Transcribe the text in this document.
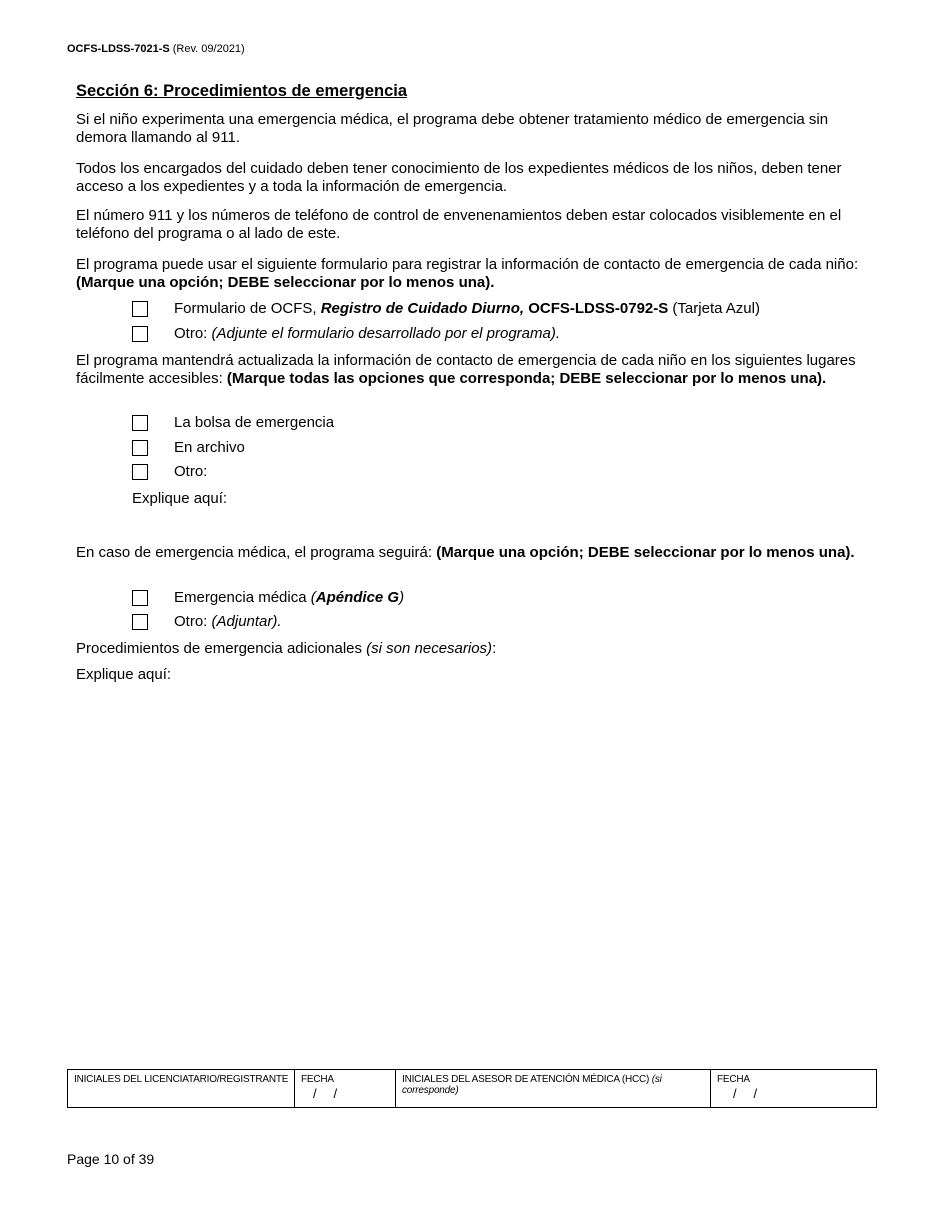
OCFS-LDSS-7021-S (Rev. 09/2021)
Sección 6: Procedimientos de emergencia
Si el niño experimenta una emergencia médica, el programa debe obtener tratamiento médico de emergencia sin demora llamando al 911.
Todos los encargados del cuidado deben tener conocimiento de los expedientes médicos de los niños, deben tener acceso a los expedientes y a toda la información de emergencia.
El número 911 y los números de teléfono de control de envenenamientos deben estar colocados visiblemente en el teléfono del programa o al lado de este.
El programa puede usar el siguiente formulario para registrar la información de contacto de emergencia de cada niño: (Marque una opción; DEBE seleccionar por lo menos una).
Formulario de OCFS, Registro de Cuidado Diurno, OCFS-LDSS-0792-S (Tarjeta Azul)
Otro: (Adjunte el formulario desarrollado por el programa).
El programa mantendrá actualizada la información de contacto de emergencia de cada niño en los siguientes lugares fácilmente accesibles: (Marque todas las opciones que corresponda; DEBE seleccionar por lo menos una).
La bolsa de emergencia
En archivo
Otro:
Explique aquí:
En caso de emergencia médica, el programa seguirá: (Marque una opción; DEBE seleccionar por lo menos una).
Emergencia médica (Apéndice G)
Otro: (Adjuntar).
Procedimientos de emergencia adicionales (si son necesarios):
Explique aquí:
INICIALES DEL LICENCIATARIO/REGISTRANTE	FECHA
/     /
INICIALES DEL ASESOR DE ATENCIÓN MÉDICA (HCC) (si corresponde)
FECHA
/     /
Page 10 of 39
